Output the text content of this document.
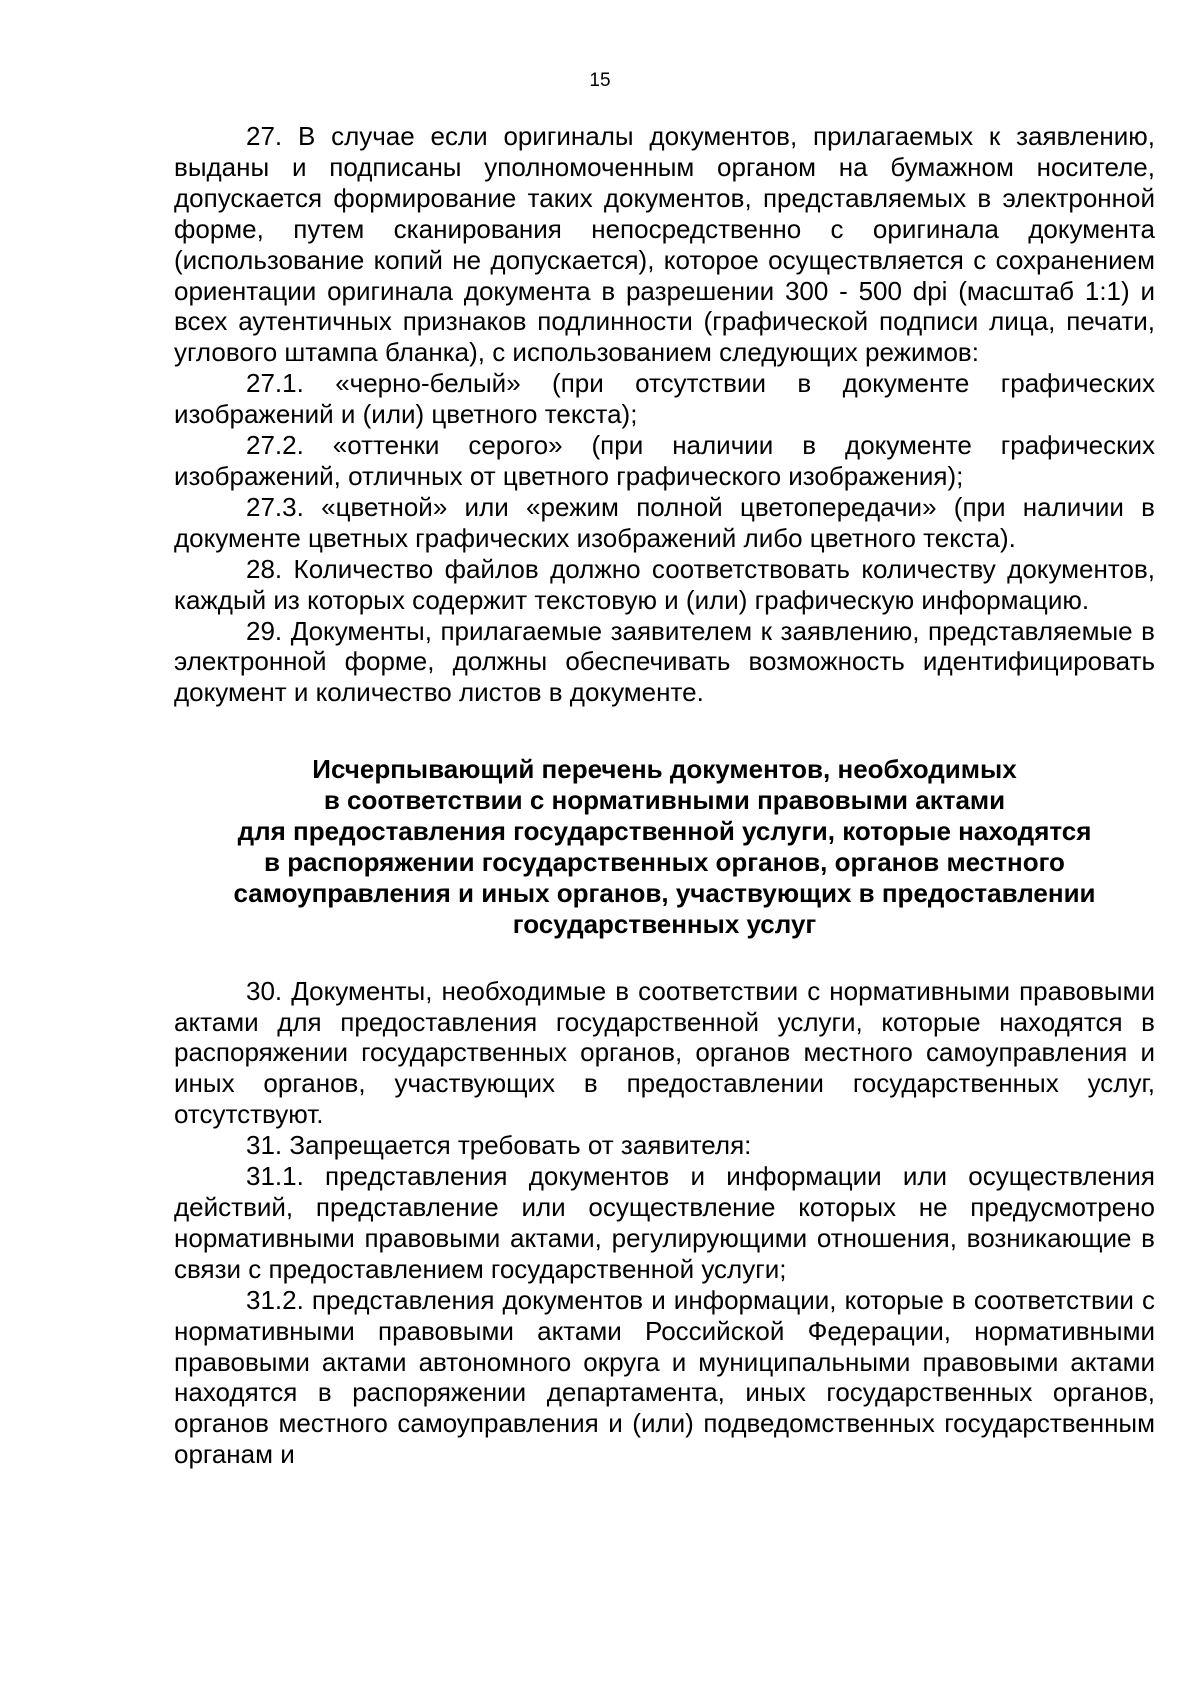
15

27. В случае если оригиналы документов, прилагаемых к заявлению, выданы и подписаны уполномоченным органом на бумажном носителе, допускается формирование таких документов, представляемых в электронной форме, путем сканирования непосредственно с оригинала документа (использование копий не допускается), которое осуществляется с сохранением ориентации оригинала документа в разрешении 300 - 500 dpi (масштаб 1:1) и всех аутентичных признаков подлинности (графической подписи лица, печати, углового штампа бланка), с использованием следующих режимов:

27.1. «черно-белый» (при отсутствии в документе графических изображений и (или) цветного текста);

27.2. «оттенки серого» (при наличии в документе графических изображений, отличных от цветного графического изображения);

27.3. «цветной» или «режим полной цветопередачи» (при наличии в документе цветных графических изображений либо цветного текста).

28. Количество файлов должно соответствовать количеству документов, каждый из которых содержит текстовую и (или) графическую информацию.

29. Документы, прилагаемые заявителем к заявлению, представляемые в электронной форме, должны обеспечивать возможность идентифицировать документ и количество листов в документе.

Исчерпывающий перечень документов, необходимых
в соответствии с нормативными правовыми актами
для предоставления государственной услуги, которые находятся
в распоряжении государственных органов, органов местного
самоуправления и иных органов, участвующих в предоставлении
государственных услуг

30. Документы, необходимые в соответствии с нормативными правовыми актами для предоставления государственной услуги, которые находятся в распоряжении государственных органов, органов местного самоуправления и иных органов, участвующих в предоставлении государственных услуг, отсутствуют.

31. Запрещается требовать от заявителя:

31.1. представления документов и информации или осуществления действий, представление или осуществление которых не предусмотрено нормативными правовыми актами, регулирующими отношения, возникающие в связи с предоставлением государственной услуги;

31.2. представления документов и информации, которые в соответствии с нормативными правовыми актами Российской Федерации, нормативными правовыми актами автономного округа и муниципальными правовыми актами находятся в распоряжении департамента, иных государственных органов, органов местного самоуправления и (или) подведомственных государственным органам и
